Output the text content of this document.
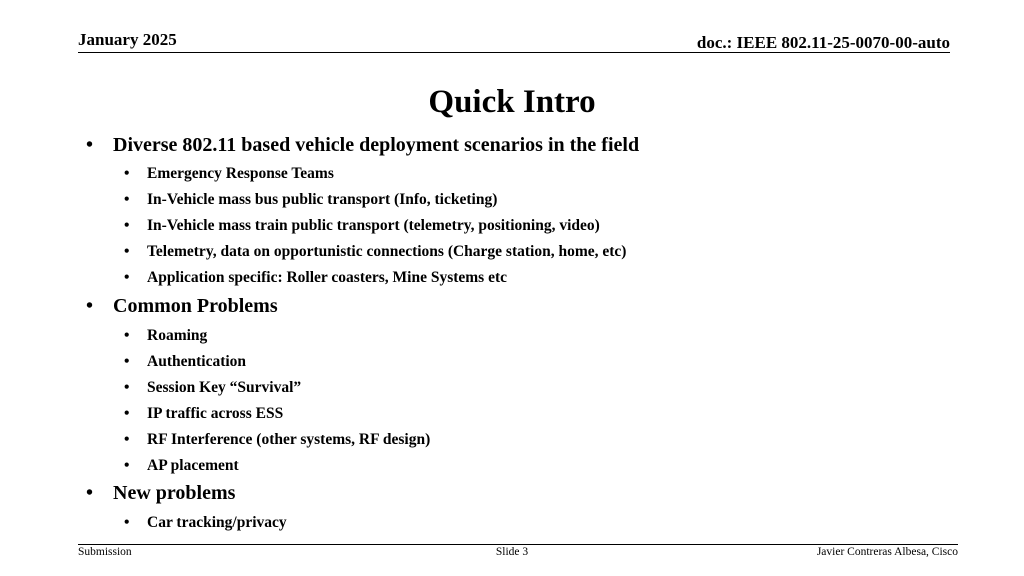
January 2025	doc.: IEEE 802.11-25-0070-00-auto
Quick Intro
• Diverse 802.11 based vehicle deployment scenarios in the field
• Emergency Response Teams
• In-Vehicle mass bus public transport (Info, ticketing)
• In-Vehicle mass train public transport (telemetry, positioning, video)
• Telemetry, data on opportunistic connections (Charge station, home, etc)
• Application specific: Roller coasters, Mine Systems etc
• Common Problems
• Roaming
• Authentication
• Session Key “Survival”
• IP traffic across ESS
• RF Interference (other systems, RF design)
• AP placement
• New problems
• Car tracking/privacy
Submission	Slide 3	Javier Contreras Albesa, Cisco
